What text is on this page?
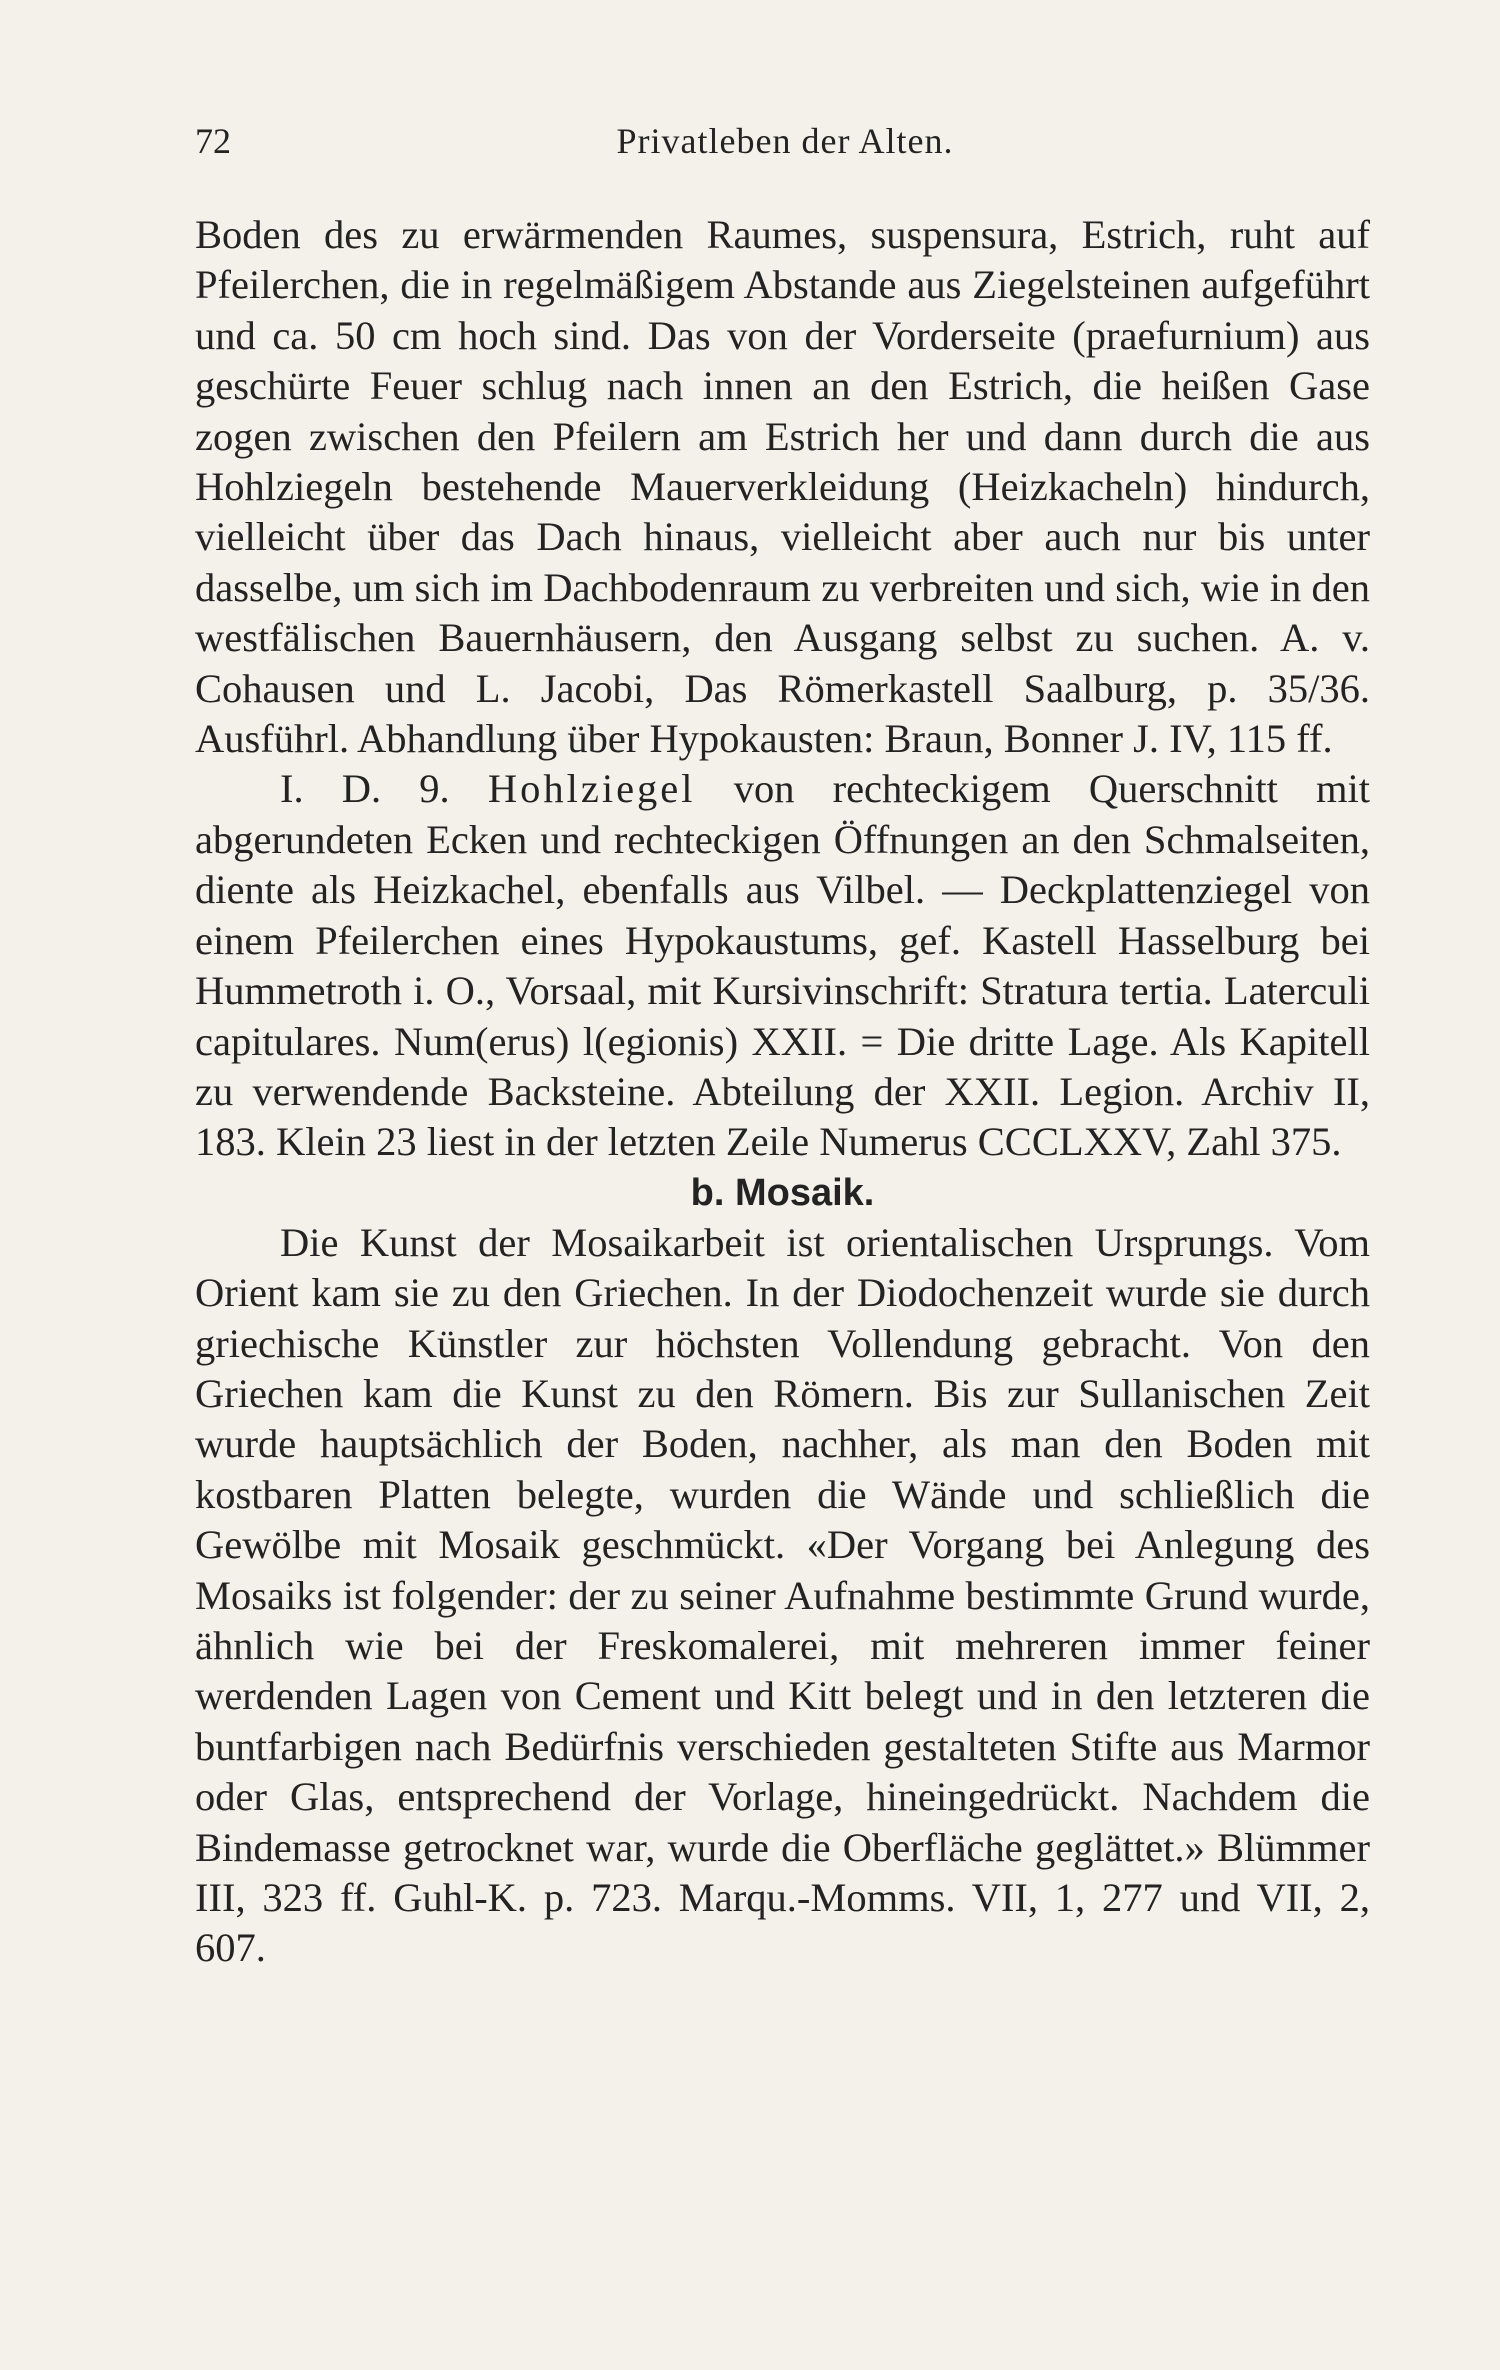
72	Privatleben der Alten.

Boden des zu erwärmenden Raumes, suspensura, Estrich, ruht auf Pfeilerchen, die in regelmäßigem Abstande aus Ziegelsteinen aufgeführt und ca. 50 cm hoch sind. Das von der Vorderseite (praefurnium) aus geschürte Feuer schlug nach innen an den Estrich, die heißen Gase zogen zwischen den Pfeilern am Estrich her und dann durch die aus Hohlziegeln bestehende Mauerverkleidung (Heizkacheln) hindurch, vielleicht über das Dach hinaus, vielleicht aber auch nur bis unter dasselbe, um sich im Dachbodenraum zu verbreiten und sich, wie in den westfälischen Bauernhäusern, den Ausgang selbst zu suchen. A. v. Cohausen und L. Jacobi, Das Römerkastell Saalburg, p. 35/36. Ausführl. Abhandlung über Hypokausten: Braun, Bonner J. IV, 115 ff.

I. D. 9. Hohlziegel von rechteckigem Querschnitt mit abgerundeten Ecken und rechteckigen Öffnungen an den Schmalseiten, diente als Heizkachel, ebenfalls aus Vilbel. — Deckplattenziegel von einem Pfeilerchen eines Hypokaustums, gef. Kastell Hasselburg bei Hummetroth i. O., Vorsaal, mit Kursivinschrift: Stratura tertia. Laterculi capitulares. Num(erus) l(egionis) XXII. = Die dritte Lage. Als Kapitell zu verwendende Backsteine. Abteilung der XXII. Legion. Archiv II, 183. Klein 23 liest in der letzten Zeile Numerus CCCLXXV, Zahl 375.

b. Mosaik.

Die Kunst der Mosaikarbeit ist orientalischen Ursprungs. Vom Orient kam sie zu den Griechen. In der Diodochenzeit wurde sie durch griechische Künstler zur höchsten Vollendung gebracht. Von den Griechen kam die Kunst zu den Römern. Bis zur Sullanischen Zeit wurde hauptsächlich der Boden, nachher, als man den Boden mit kostbaren Platten belegte, wurden die Wände und schließlich die Gewölbe mit Mosaik geschmückt. «Der Vorgang bei Anlegung des Mosaiks ist folgender: der zu seiner Aufnahme bestimmte Grund wurde, ähnlich wie bei der Freskomalerei, mit mehreren immer feiner werdenden Lagen von Cement und Kitt belegt und in den letzteren die buntfarbigen nach Bedürfnis verschieden gestalteten Stifte aus Marmor oder Glas, entsprechend der Vorlage, hineingedrückt. Nachdem die Bindemasse getrocknet war, wurde die Oberfläche geglättet.» Blümmer III, 323 ff. Guhl-K. p. 723. Marqu.-Momms. VII, 1, 277 und VII, 2, 607.
